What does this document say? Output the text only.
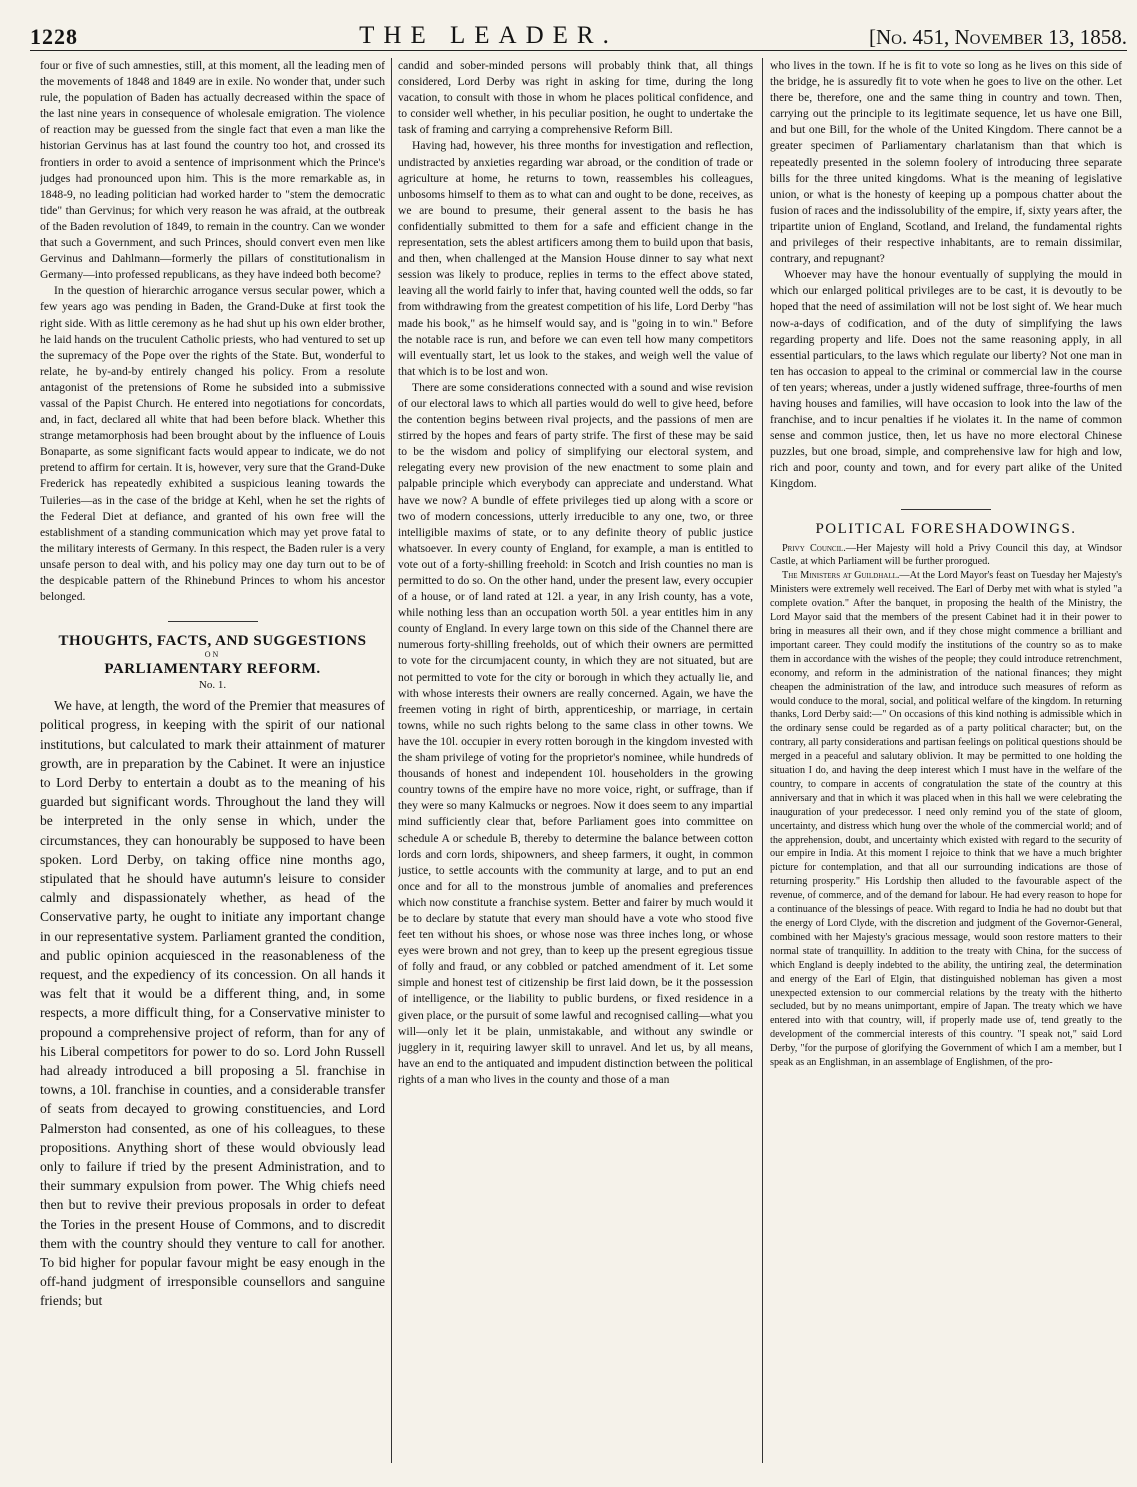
1228	THE LEADER.	[No. 451, November 13, 1858.

four or five of such amnesties, still, at this moment, all the leading men of the movements of 1848 and 1849 are in exile. No wonder that, under such rule, the population of Baden has actually decreased within the space of the last nine years in consequence of wholesale emigration. The violence of reaction may be guessed from the single fact that even a man like the historian Gervinus has at last found the country too hot, and crossed its frontiers in order to avoid a sentence of imprisonment which the Prince's judges had pronounced upon him. This is the more remarkable as, in 1848-9, no leading politician had worked harder to "stem the democratic tide" than Gervinus; for which very reason he was afraid, at the outbreak of the Baden revolution of 1849, to remain in the country. Can we wonder that such a Government, and such Princes, should convert even men like Gervinus and Dahlmann—formerly the pillars of constitutionalism in Germany—into professed republicans, as they have indeed both become?

In the question of hierarchic arrogance versus secular power, which a few years ago was pending in Baden, the Grand-Duke at first took the right side. With as little ceremony as he had shut up his own elder brother, he laid hands on the truculent Catholic priests, who had ventured to set up the supremacy of the Pope over the rights of the State. But, wonderful to relate, he by-and-by entirely changed his policy. From a resolute antagonist of the pretensions of Rome he subsided into a submissive vassal of the Papist Church. He entered into negotiations for concordats, and, in fact, declared all white that had been before black. Whether this strange metamorphosis had been brought about by the influence of Louis Bonaparte, as some significant facts would appear to indicate, we do not pretend to affirm for certain. It is, however, very sure that the Grand-Duke Frederick has repeatedly exhibited a suspicious leaning towards the Tuileries—as in the case of the bridge at Kehl, when he set the rights of the Federal Diet at defiance, and granted of his own free will the establishment of a standing communication which may yet prove fatal to the military interests of Germany. In this respect, the Baden ruler is a very unsafe person to deal with, and his policy may one day turn out to be of the despicable pattern of the Rhinebund Princes to whom his ancestor belonged.

THOUGHTS, FACTS, AND SUGGESTIONS
ON
PARLIAMENTARY REFORM.
No. 1.

We have, at length, the word of the Premier that measures of political progress, in keeping with the spirit of our national institutions, but calculated to mark their attainment of maturer growth, are in preparation by the Cabinet. It were an injustice to Lord Derby to entertain a doubt as to the meaning of his guarded but significant words. Throughout the land they will be interpreted in the only sense in which, under the circumstances, they can honourably be supposed to have been spoken. Lord Derby, on taking office nine months ago, stipulated that he should have autumn's leisure to consider calmly and dispassionately whether, as head of the Conservative party, he ought to initiate any important change in our representative system. Parliament granted the condition, and public opinion acquiesced in the reasonableness of the request, and the expediency of its concession. On all hands it was felt that it would be a different thing, and, in some respects, a more difficult thing, for a Conservative minister to propound a comprehensive project of reform, than for any of his Liberal competitors for power to do so. Lord John Russell had already introduced a bill proposing a 5l. franchise in towns, a 10l. franchise in counties, and a considerable transfer of seats from decayed to growing constituencies, and Lord Palmerston had consented, as one of his colleagues, to these propositions. Anything short of these would obviously lead only to failure if tried by the present Administration, and to their summary expulsion from power. The Whig chiefs need then but to revive their previous proposals in order to defeat the Tories in the present House of Commons, and to discredit them with the country should they venture to call for another. To bid higher for popular favour might be easy enough in the off-hand judgment of irresponsible counsellors and sanguine friends; but

candid and sober-minded persons will probably think that, all things considered, Lord Derby was right in asking for time, during the long vacation, to consult with those in whom he places political confidence, and to consider well whether, in his peculiar position, he ought to undertake the task of framing and carrying a comprehensive Reform Bill.

Having had, however, his three months for investigation and reflection, undistracted by anxieties regarding war abroad, or the condition of trade or agriculture at home, he returns to town, reassembles his colleagues, unbosoms himself to them as to what can and ought to be done, receives, as we are bound to presume, their general assent to the basis he has confidentially submitted to them for a safe and efficient change in the representation, sets the ablest artificers among them to build upon that basis, and then, when challenged at the Mansion House dinner to say what next session was likely to produce, replies in terms to the effect above stated, leaving all the world fairly to infer that, having counted well the odds, so far from withdrawing from the greatest competition of his life, Lord Derby "has made his book," as he himself would say, and is "going in to win." Before the notable race is run, and before we can even tell how many competitors will eventually start, let us look to the stakes, and weigh well the value of that which is to be lost and won.

There are some considerations connected with a sound and wise revision of our electoral laws to which all parties would do well to give heed, before the contention begins between rival projects, and the passions of men are stirred by the hopes and fears of party strife. The first of these may be said to be the wisdom and policy of simplifying our electoral system, and relegating every new provision of the new enactment to some plain and palpable principle which everybody can appreciate and understand. What have we now? A bundle of effete privileges tied up along with a score or two of modern concessions, utterly irreducible to any one, two, or three intelligible maxims of state, or to any definite theory of public justice whatsoever. In every county of England, for example, a man is entitled to vote out of a forty-shilling freehold: in Scotch and Irish counties no man is permitted to do so. On the other hand, under the present law, every occupier of a house, or of land rated at 12l. a year, in any Irish county, has a vote, while nothing less than an occupation worth 50l. a year entitles him in any county of England. In every large town on this side of the Channel there are numerous forty-shilling freeholds, out of which their owners are permitted to vote for the circumjacent county, in which they are not situated, but are not permitted to vote for the city or borough in which they actually lie, and with whose interests their owners are really concerned. Again, we have the freemen voting in right of birth, apprenticeship, or marriage, in certain towns, while no such rights belong to the same class in other towns. We have the 10l. occupier in every rotten borough in the kingdom invested with the sham privilege of voting for the proprietor's nominee, while hundreds of thousands of honest and independent 10l. householders in the growing country towns of the empire have no more voice, right, or suffrage, than if they were so many Kalmucks or negroes. Now it does seem to any impartial mind sufficiently clear that, before Parliament goes into committee on schedule A or schedule B, thereby to determine the balance between cotton lords and corn lords, shipowners, and sheep farmers, it ought, in common justice, to settle accounts with the community at large, and to put an end once and for all to the monstrous jumble of anomalies and preferences which now constitute a franchise system. Better and fairer by much would it be to declare by statute that every man should have a vote who stood five feet ten without his shoes, or whose nose was three inches long, or whose eyes were brown and not grey, than to keep up the present egregious tissue of folly and fraud, or any cobbled or patched amendment of it. Let some simple and honest test of citizenship be first laid down, be it the possession of intelligence, or the liability to public burdens, or fixed residence in a given place, or the pursuit of some lawful and recognised calling—what you will—only let it be plain, unmistakable, and without any swindle or jugglery in it, requiring lawyer skill to unravel. And let us, by all means, have an end to the antiquated and impudent distinction between the political rights of a man who lives in the county and those of a man

who lives in the town. If he is fit to vote so long as he lives on this side of the bridge, he is assuredly fit to vote when he goes to live on the other. Let there be, therefore, one and the same thing in country and town. Then, carrying out the principle to its legitimate sequence, let us have one Bill, and but one Bill, for the whole of the United Kingdom. There cannot be a greater specimen of Parliamentary charlatanism than that which is repeatedly presented in the solemn foolery of introducing three separate bills for the three united kingdoms. What is the meaning of legislative union, or what is the honesty of keeping up a pompous chatter about the fusion of races and the indissolubility of the empire, if, sixty years after, the tripartite union of England, Scotland, and Ireland, the fundamental rights and privileges of their respective inhabitants, are to remain dissimilar, contrary, and repugnant?

Whoever may have the honour eventually of supplying the mould in which our enlarged political privileges are to be cast, it is devoutly to be hoped that the need of assimilation will not be lost sight of. We hear much now-a-days of codification, and of the duty of simplifying the laws regarding property and life. Does not the same reasoning apply, in all essential particulars, to the laws which regulate our liberty? Not one man in ten has occasion to appeal to the criminal or commercial law in the course of ten years; whereas, under a justly widened suffrage, three-fourths of men having houses and families, will have occasion to look into the law of the franchise, and to incur penalties if he violates it. In the name of common sense and common justice, then, let us have no more electoral Chinese puzzles, but one broad, simple, and comprehensive law for high and low, rich and poor, county and town, and for every part alike of the United Kingdom.

POLITICAL FORESHADOWINGS.

Privy Council.—Her Majesty will hold a Privy Council this day, at Windsor Castle, at which Parliament will be further prorogued.

The Ministers at Guildhall.—At the Lord Mayor's feast on Tuesday her Majesty's Ministers were extremely well received. The Earl of Derby met with what is styled "a complete ovation." After the banquet, in proposing the health of the Ministry, the Lord Mayor said that the members of the present Cabinet had it in their power to bring in measures all their own, and if they chose might commence a brilliant and important career. They could modify the institutions of the country so as to make them in accordance with the wishes of the people; they could introduce retrenchment, economy, and reform in the administration of the national finances; they might cheapen the administration of the law, and introduce such measures of reform as would conduce to the moral, social, and political welfare of the kingdom. In returning thanks, Lord Derby said:—" On occasions of this kind nothing is admissible which in the ordinary sense could be regarded as of a party political character; but, on the contrary, all party considerations and partisan feelings on political questions should be merged in a peaceful and salutary oblivion. It may be permitted to one holding the situation I do, and having the deep interest which I must have in the welfare of the country, to compare in accents of congratulation the state of the country at this anniversary and that in which it was placed when in this hall we were celebrating the inauguration of your predecessor. I need only remind you of the state of gloom, uncertainty, and distress which hung over the whole of the commercial world; and of the apprehension, doubt, and uncertainty which existed with regard to the security of our empire in India. At this moment I rejoice to think that we have a much brighter picture for contemplation, and that all our surrounding indications are those of returning prosperity." His Lordship then alluded to the favourable aspect of the revenue, of commerce, and of the demand for labour. He had every reason to hope for a continuance of the blessings of peace. With regard to India he had no doubt but that the energy of Lord Clyde, with the discretion and judgment of the Governor-General, combined with her Majesty's gracious message, would soon restore matters to their normal state of tranquillity. In addition to the treaty with China, for the success of which England is deeply indebted to the ability, the untiring zeal, the determination and energy of the Earl of Elgin, that distinguished nobleman has given a most unexpected extension to our commercial relations by the treaty with the hitherto secluded, but by no means unimportant, empire of Japan. The treaty which we have entered into with that country, will, if properly made use of, tend greatly to the development of the commercial interests of this country. "I speak not," said Lord Derby, "for the purpose of glorifying the Government of which I am a member, but I speak as an Englishman, in an assemblage of Englishmen, of the pro-
